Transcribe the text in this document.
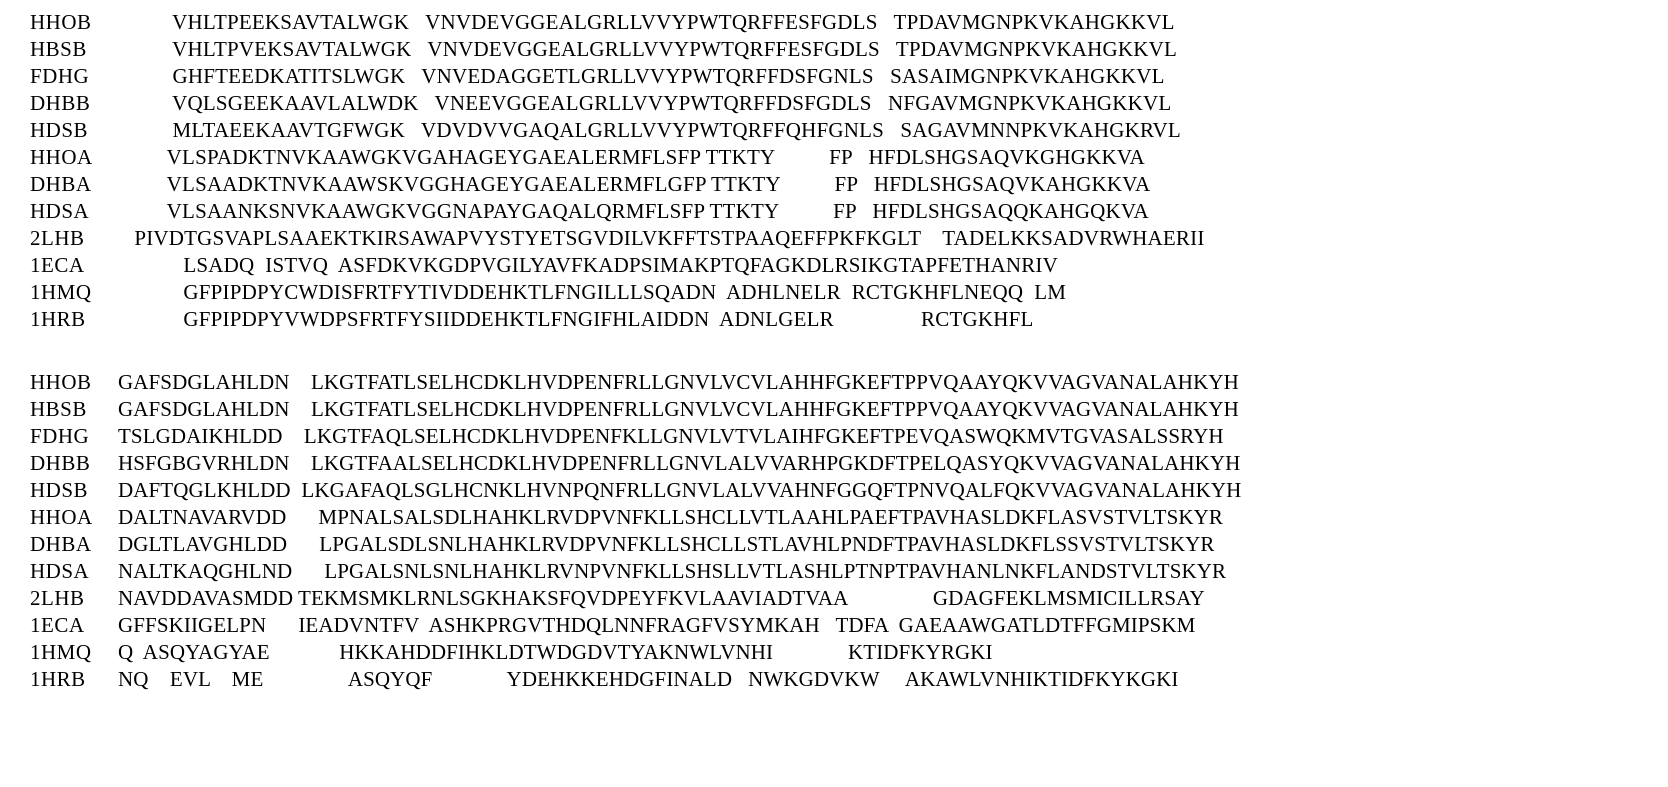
HHOB	VHLTPEEKSAVTALWGK   VNVDEVGGEALGRLLVVYPWTQRFFESFGDLS   TPDAVMGNPKVKAHGKKVL
HBSB	VHLTPVEKSAVTALWGK   VNVDEVGGEALGRLLVVYPWTQRFFESFGDLS   TPDAVMGNPKVKAHGKKVL
FDHG	GHFTEEDKATITSLWGK   VNVEDAGGETLGRLLVVYPWTQRFFDSFGNLS   SASAIMGNPKVKAHGKKVL
DHBB	VQLSGEEKAAVLALWDK   VNEEVGGEALGRLLVVYPWTQRFFDSFGDLS   NFGAVMGNPKVKAHGKKVL
HDSB	MLTAEEKAAVTGFWGK   VDVDVVGAQALGRLLVVYPWTQRFFQHFGNLS   SAGAVMNNPKVKAHGKRVL
HHOA	VLSPADKTNVKAAWGKVGAHAGEYGAEALERMFLSFP TTKTY          FP   HFDLSHGSAQVKGHGKKVA
DHBA	VLSAADKTNVKAAWSKVGGHAGEYGAEALERMFLGFP TTKTY          FP   HFDLSHGSAQVKAHGKKVA
HDSA	VLSAANKSNVKAAWGKVGGNAPAYGAQALQRMFLSFP TTKTY          FP   HFDLSHGSAQQKAHGQKVA
2LHB	PIVDTGSVAPLSAAEKTKIRSAWAPVYSTYETSGVDILVKFFTSTPAAQEFFPKFKGLT    TADELKKSADVRWHAERII
1ECA	LSADQ  ISTVQ  ASFDKVKGDPVGILYAVFKADPSIMAKPTQFAGKDLRSIKGTAPFETHANRIV
1HMQ	GFPIPDPYCWDISFRTFYTIVDDEHKTLFNGILLLSQADN  ADHLNELR  RCTGKHFLNEQQ  LM
1HRB	GFPIPDPYVWDPSFRTFYSIIDDEHKTLFNGIFHLAIDDN  ADNLGELR                RCTGKHFL
HHOB	GAFSDGLAHLDN    LKGTFATLSELHCDKLHVDPENFRLLGNVLVCVLAHHFGKEFTPPVQAAYQKVVAGVANALAHKYH
HBSB	GAFSDGLAHLDN    LKGTFATLSELHCDKLHVDPENFRLLGNVLVCVLAHHFGKEFTPPVQAAYQKVVAGVANALAHKYH
FDHG	TSLGDAIKHLDD    LKGTFAQLSELHCDKLHVDPENFKLLGNVLVTVLAIHFGKEFTPEVQASWQKMVTGVASALSSRYH
DHBB	HSFGBGVRHLDN    LKGTFAALSELHCDKLHVDPENFRLLGNVLALVVARHPGKDFTPELQASYQKVVAGVANALAHKYH
HDSB	DAFTQGLKHLDD  LKGAFAQLSGLHCNKLHVNPQNFRLLGNVLALVVAHNFGGQFTPNVQALFQKVVAGVANALAHKYH
HHOA	DALTNAVARVDD      MPNALSALSDLHAHKLRVDPVNFKLLSHCLLVTLAAHLPAEFTPAVHASLDKFLASVSTVLTSKYR
DHBA	DGLTLAVGHLDD      LPGALSDLSNLHAHKLRVDPVNFKLLSHCLLSTLAVHLPNDFTPAVHASLDKFLSSVSTVLTSKYR
HDSA	NALTKAQGHLND      LPGALSNLSNLHAHKLRVNPVNFKLLSHSLLVTLASHLPTNPTPAVHANLNKFLANDSTVLTSKYR
2LHB	NAVDDAVASMDD TEKMSMKLRNLSGKHAKSFQVDPEYFKVLAAVIADTVAA                GDAGFEKLMSMICILLRSAY
1ECA	GFFSKIIGELPN      IEADVNTFV  ASHKPRGVTHDQLNNFRAGFVSYMKAH   TDFA  GAEAAWGATLDTFFGMIPSKM
1HMQ	Q  ASQYAGYAE             HKKAHDDFIHKLDTWDGDVTYAKNWLVNHI              KTIDFKYRGKI
1HRB	NQ    EVL    ME                ASQYQF              YDEHKKEHDGFINALD   NWKGDVKW     AKAWLVNHIKTIDFKYKGKI
